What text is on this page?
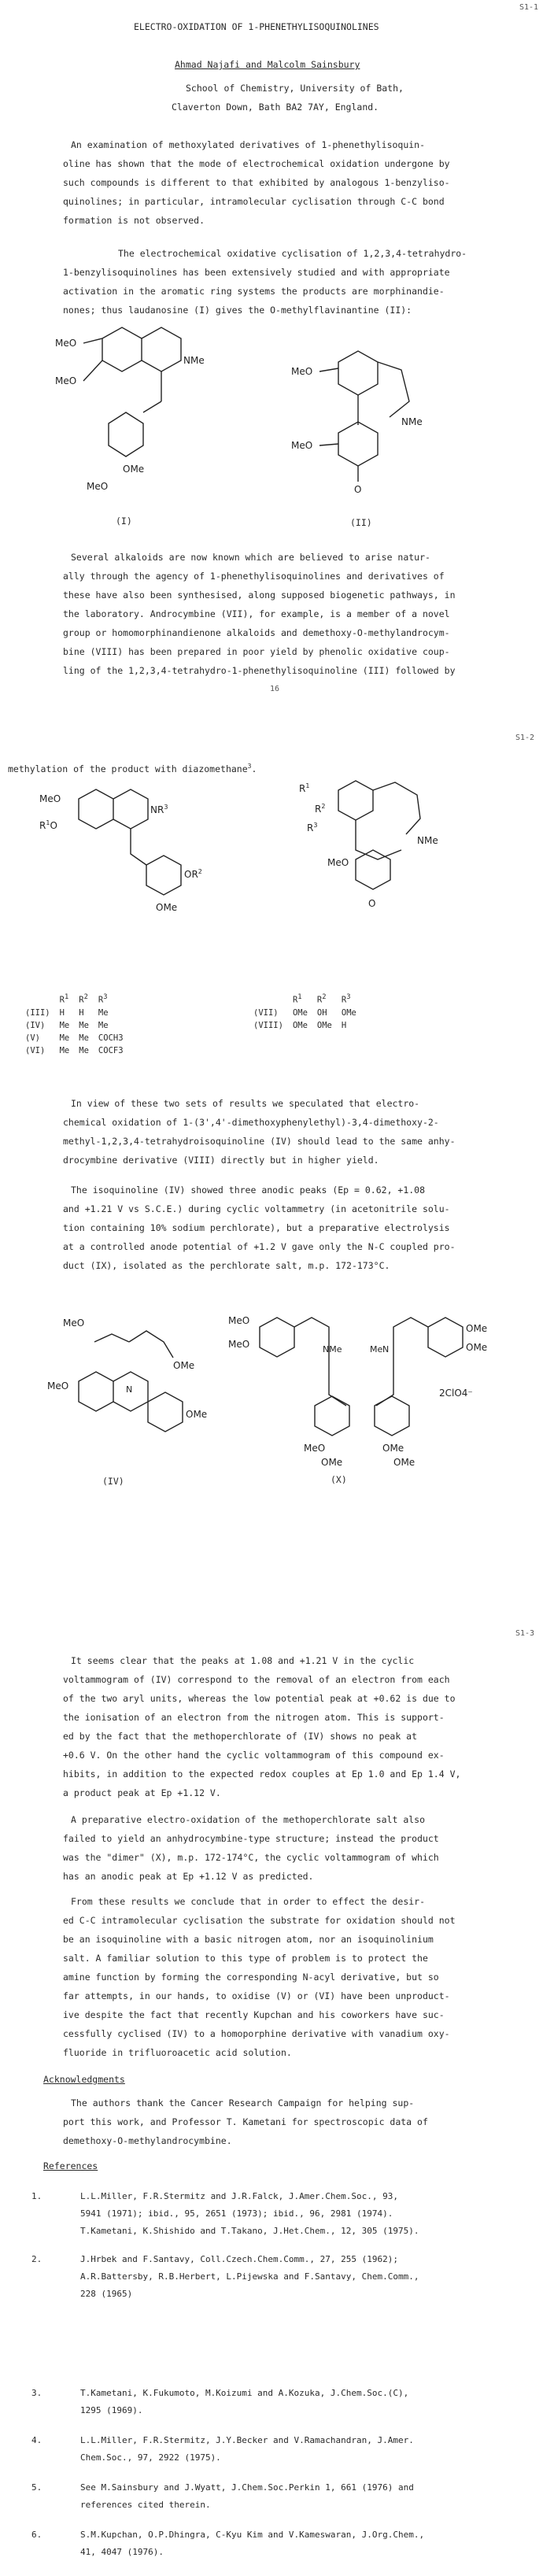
S1-1
ELECTRO-OXIDATION OF 1-PHENETHYLISOQUINOLINES
Ahmad Najafi and Malcolm Sainsbury
School of Chemistry, University of Bath,
Claverton Down, Bath BA2 7AY, England.
An examination of methoxylated derivatives of 1-phenethylisoquin-
oline has shown that the mode of electrochemical oxidation undergone by
such compounds is different to that exhibited by analogous 1-benzyliso-
quinolines; in particular, intramolecular cyclisation through C-C bond
formation is not observed.
The electrochemical oxidative cyclisation of 1,2,3,4-tetrahydro-
1-benzylisoquinolines has been extensively studied and with appropriate
activation in the aromatic ring systems the products are morphinandie-
nones; thus laudanosine (I) gives the O-methylflavinantine (II):
MeO
MeO
NMe
OMe
MeO
(I)
MeO
NMe
MeO
O
(II)
Several alkaloids are now known which are believed to arise natur-
ally through the agency of 1-phenethylisoquinolines and derivatives of
these have also been synthesised, along supposed biogenetic pathways, in
the laboratory. Androcymbine (VII), for example, is a member of a novel
group or homomorphinandienone alkaloids and demethoxy-O-methylandrocym-
bine (VIII) has been prepared in poor yield by phenolic oxidative coup-
ling of the 1,2,3,4-tetrahydro-1-phenethylisoquinoline (III) followed by
16
S1-2
methylation of the product with diazomethane$^3$.
MeO
$R^1O$
$NR^3$
$OR^2$
OMe
$R^1$
$R^2$
$R^3$
NMe
MeO
O
	$R^1$	$R^2$	$R^3$
(III)	H	H	Me
(IV)	Me	Me	Me
(V)	Me	Me	COCH3
(VI)	Me	Me	COCF3
	$R^1$	$R^2$	$R^3$
(VII)	OMe	OH	OMe
(VIII)	OMe	OMe	H
In view of these two sets of results we speculated that electro-
chemical oxidation of 1-(3',4'-dimethoxyphenylethyl)-3,4-dimethoxy-2-
methyl-1,2,3,4-tetrahydroisoquinoline (IV) should lead to the same anhy-
drocymbine derivative (VIII) directly but in higher yield.
The isoquinoline (IV) showed three anodic peaks (Ep = 0.62, +1.08
and +1.21 V vs S.C.E.) during cyclic voltammetry (in acetonitrile solu-
tion containing 10% sodium perchlorate), but a preparative electrolysis
at a controlled anode potential of +1.2 V gave only the N-C coupled pro-
duct (IX), isolated as the perchlorate salt, m.p. 172-173°C.
MeO
OMe
MeO	N
OMe
(IV)
MeO
NMe	Me N
OMe
OMe
MeO
MeO
OMe
OMe
OMe
2ClO4⁻
(X)
S1-3
It seems clear that the peaks at 1.08 and +1.21 V in the cyclic
voltammogram of (IV) correspond to the removal of an electron from each
of the two aryl units, whereas the low potential peak at +0.62 is due to
the ionisation of an electron from the nitrogen atom. This is support-
ed by the fact that the methoperchlorate of (IV) shows no peak at
+0.6 V. On the other hand the cyclic voltammogram of this compound ex-
hibits, in addition to the expected redox couples at Ep 1.0 and Ep 1.4 V,
a product peak at Ep +1.12 V.
A preparative electro-oxidation of the methoperchlorate salt also
failed to yield an anhydrocymbine-type structure; instead the product
was the "dimer" (X), m.p. 172-174°C, the cyclic voltammogram of which
has an anodic peak at Ep +1.12 V as predicted.
From these results we conclude that in order to effect the desir-
ed C-C intramolecular cyclisation the substrate for oxidation should not
be an isoquinoline with a basic nitrogen atom, nor an isoquinolinium
salt. A familiar solution to this type of problem is to protect the
amine function by forming the corresponding N-acyl derivative, but so
far attempts, in our hands, to oxidise (V) or (VI) have been unproduct-
ive despite the fact that recently Kupchan and his coworkers have suc-
cessfully cyclised (IV) to a homoporphine derivative with vanadium oxy-
fluoride in trifluoroacetic acid solution.
Acknowledgments
The authors thank the Cancer Research Campaign for helping sup-
port this work, and Professor T. Kametani for spectroscopic data of
demethoxy-O-methylandrocymbine.
References
1.	L.L.Miller, F.R.Stermitz and J.R.Falck, J.Amer.Chem.Soc., 93,
5941 (1971); ibid., 95, 2651 (1973); ibid., 96, 2981 (1974).
T.Kametani, K.Shishido and T.Takano, J.Het.Chem., 12, 305 (1975).
2.	J.Hrbek and F.Santavy, Coll.Czech.Chem.Comm., 27, 255 (1962);
A.R.Battersby, R.B.Herbert, L.Pijewska and F.Santavy, Chem.Comm.,
228 (1965)
3.	T.Kametani, K.Fukumoto, M.Koizumi and A.Kozuka, J.Chem.Soc.(C),
1295 (1969).
4.	L.L.Miller, F.R.Stermitz, J.Y.Becker and V.Ramachandran, J.Amer.
Chem.Soc., 97, 2922 (1975).
5.	See M.Sainsbury and J.Wyatt, J.Chem.Soc.Perkin 1, 661 (1976) and
references cited therein.
6.	S.M.Kupchan, O.P.Dhingra, C-Kyu Kim and V.Kameswaran, J.Org.Chem.,
41, 4047 (1976).
